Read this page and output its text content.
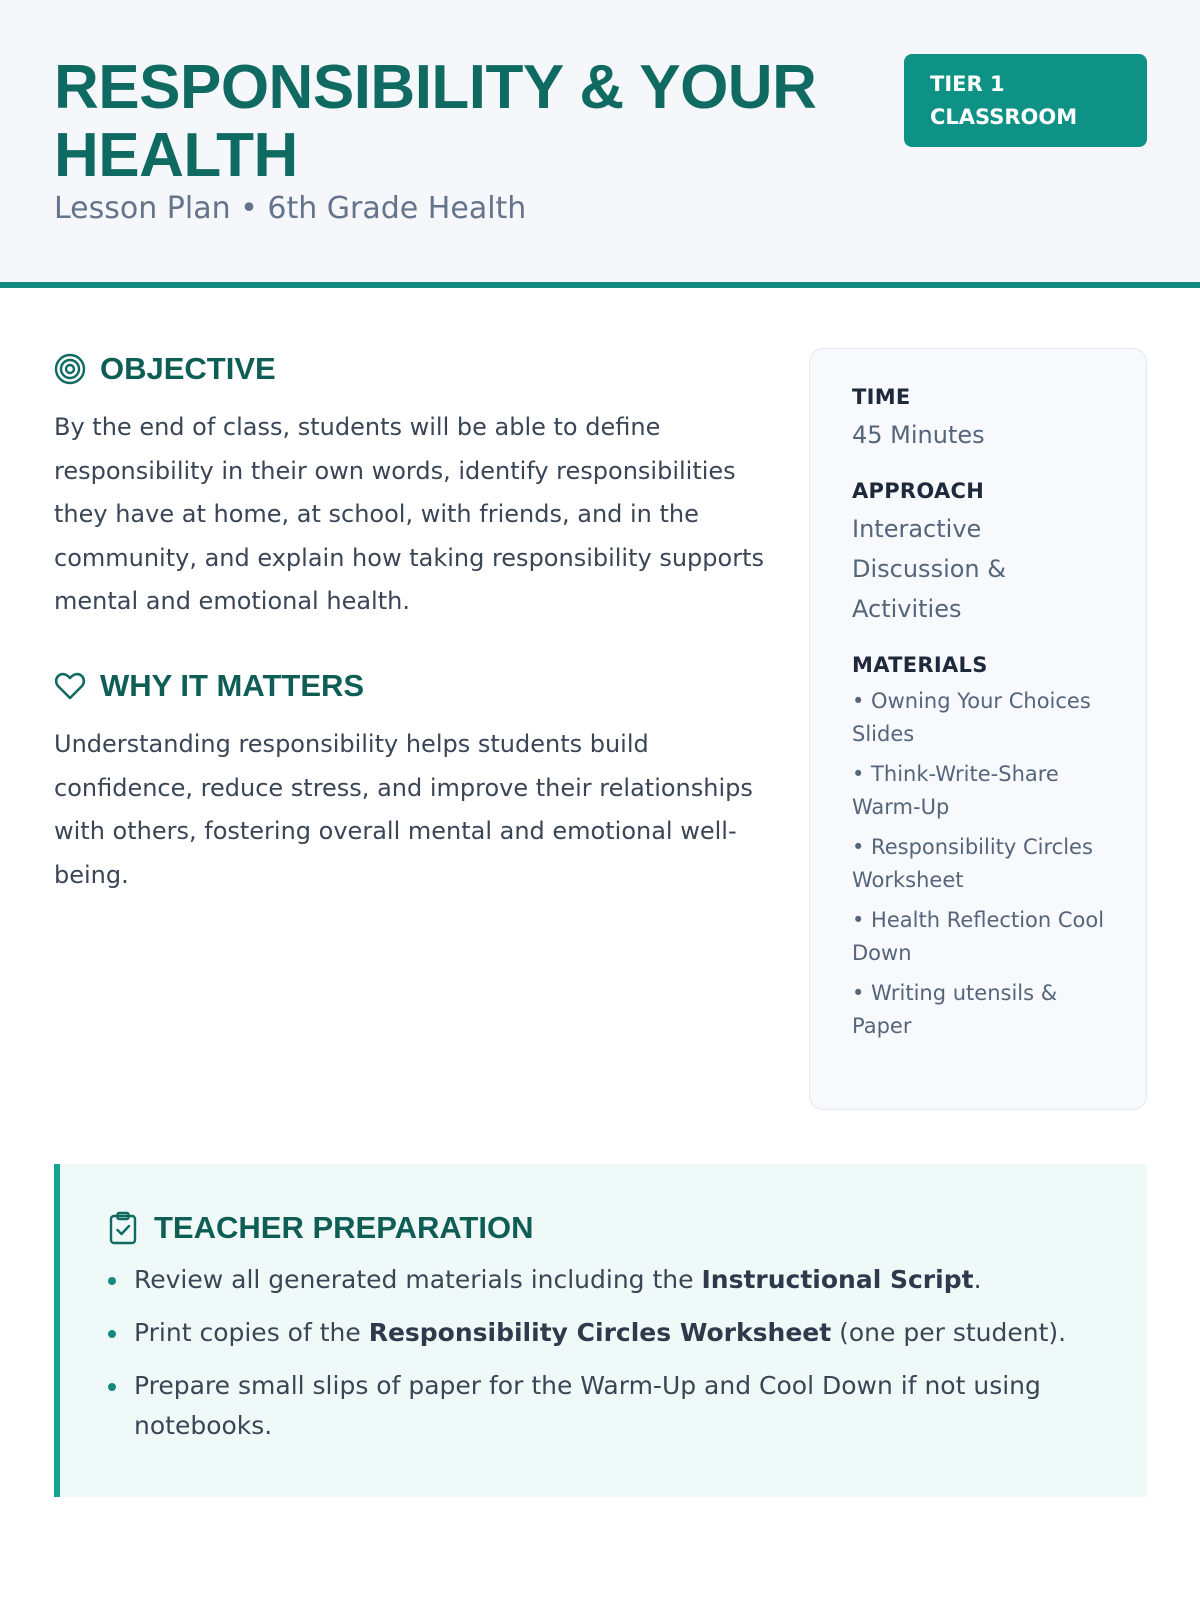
RESPONSIBILITY & YOUR
HEALTH
Lesson Plan • 6th Grade Health
TIER 1
CLASSROOM
OBJECTIVE
By the end of class, students will be able to define responsibility in their own words, identify responsibilities they have at home, at school, with friends, and in the community, and explain how taking responsibility supports mental and emotional health.
WHY IT MATTERS
Understanding responsibility helps students build confidence, reduce stress, and improve their relationships with others, fostering overall mental and emotional well-being.
TIME
45 Minutes
APPROACH
Interactive Discussion & Activities
MATERIALS
• Owning Your Choices Slides
• Think-Write-Share Warm-Up
• Responsibility Circles Worksheet
• Health Reflection Cool Down
• Writing utensils & Paper
TEACHER PREPARATION
Review all generated materials including the Instructional Script.
Print copies of the Responsibility Circles Worksheet (one per student).
Prepare small slips of paper for the Warm-Up and Cool Down if not using notebooks.
